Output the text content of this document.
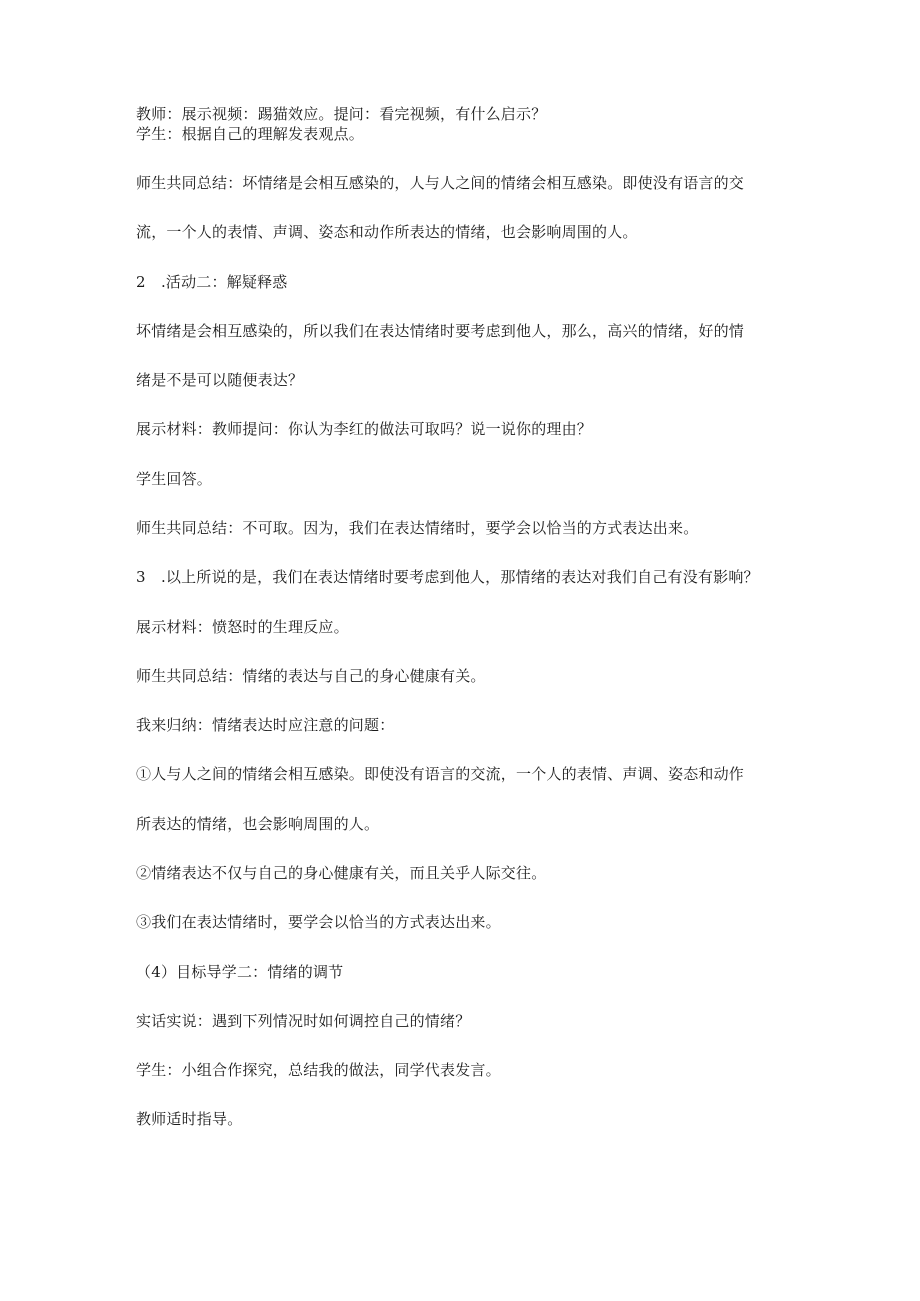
教师：展示视频：踢猫效应。提问：看完视频，有什么启示？
学生：根据自己的理解发表观点。
师生共同总结：坏情绪是会相互感染的，人与人之间的情绪会相互感染。即使没有语言的交
流，一个人的表情、声调、姿态和动作所表达的情绪，也会影响周围的人。
2　.活动二：解疑释惑
坏情绪是会相互感染的，所以我们在表达情绪时要考虑到他人，那么，高兴的情绪，好的情
绪是不是可以随便表达？
展示材料：教师提问：你认为李红的做法可取吗？说一说你的理由？
学生回答。
师生共同总结：不可取。因为，我们在表达情绪时，要学会以恰当的方式表达出来。
3　.以上所说的是，我们在表达情绪时要考虑到他人，那情绪的表达对我们自己有没有影响？
展示材料：愤怒时的生理反应。
师生共同总结：情绪的表达与自己的身心健康有关。
我来归纳：情绪表达时应注意的问题：
①人与人之间的情绪会相互感染。即使没有语言的交流，一个人的表情、声调、姿态和动作
所表达的情绪，也会影响周围的人。
②情绪表达不仅与自己的身心健康有关，而且关乎人际交往。
③我们在表达情绪时，要学会以恰当的方式表达出来。
（4）目标导学二：情绪的调节
实话实说：遇到下列情况时如何调控自己的情绪？
学生：小组合作探究，总结我的做法，同学代表发言。
教师适时指导。
